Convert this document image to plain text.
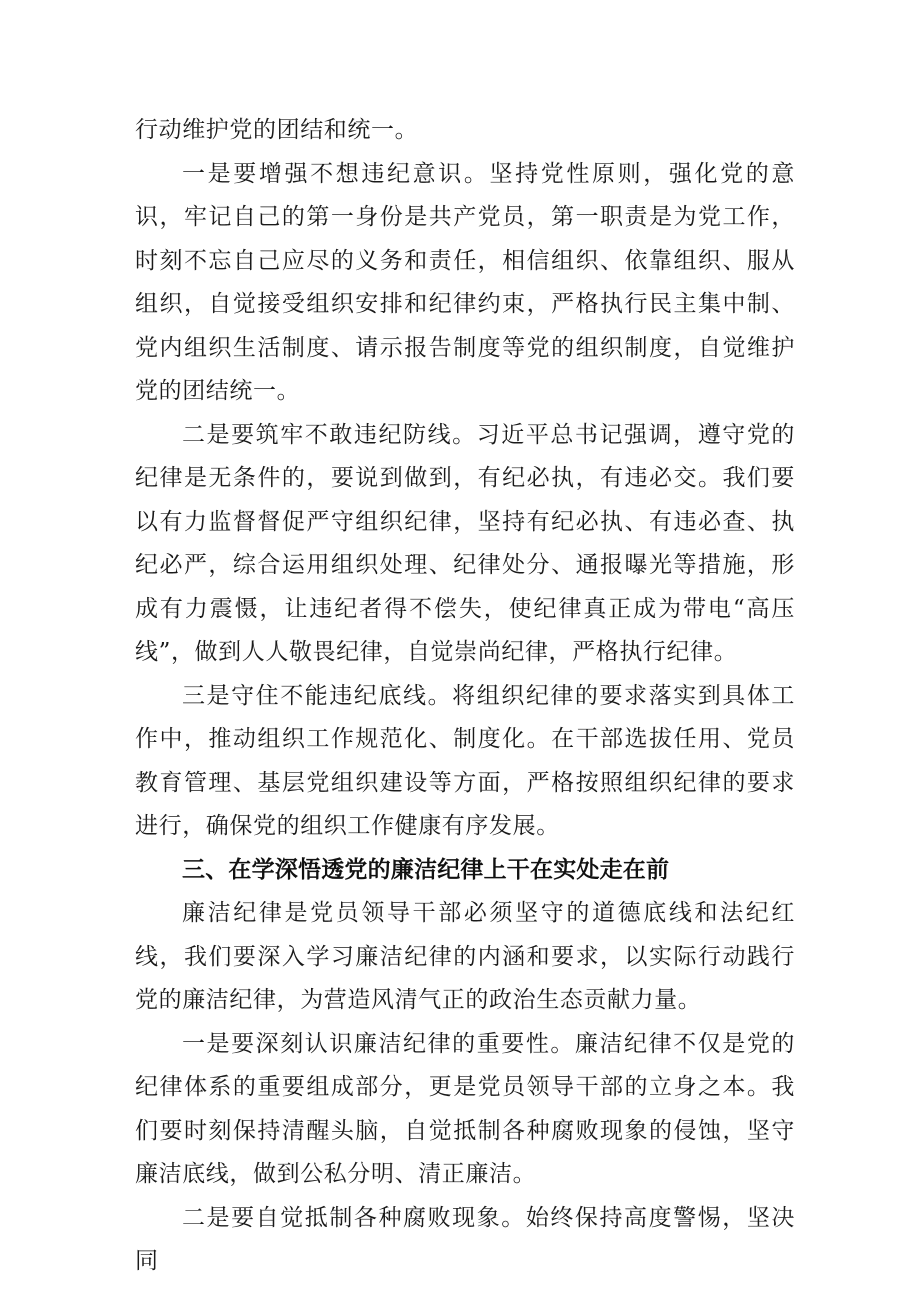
行动维护党的团结和统一。

一是要增强不想违纪意识。坚持党性原则，强化党的意识，牢记自己的第一身份是共产党员，第一职责是为党工作，时刻不忘自己应尽的义务和责任，相信组织、依靠组织、服从组织，自觉接受组织安排和纪律约束，严格执行民主集中制、党内组织生活制度、请示报告制度等党的组织制度，自觉维护党的团结统一。

二是要筑牢不敢违纪防线。习近平总书记强调，遵守党的纪律是无条件的，要说到做到，有纪必执，有违必交。我们要以有力监督督促严守组织纪律，坚持有纪必执、有违必查、执纪必严，综合运用组织处理、纪律处分、通报曝光等措施，形成有力震慑，让违纪者得不偿失，使纪律真正成为带电“高压线”，做到人人敬畏纪律，自觉崇尚纪律，严格执行纪律。

三是守住不能违纪底线。将组织纪律的要求落实到具体工作中，推动组织工作规范化、制度化。在干部选拔任用、党员教育管理、基层党组织建设等方面，严格按照组织纪律的要求进行，确保党的组织工作健康有序发展。

三、在学深悟透党的廉洁纪律上干在实处走在前

廉洁纪律是党员领导干部必须坚守的道德底线和法纪红线，我们要深入学习廉洁纪律的内涵和要求，以实际行动践行党的廉洁纪律，为营造风清气正的政治生态贡献力量。

一是要深刻认识廉洁纪律的重要性。廉洁纪律不仅是党的纪律体系的重要组成部分，更是党员领导干部的立身之本。我们要时刻保持清醒头脑，自觉抵制各种腐败现象的侵蚀，坚守廉洁底线，做到公私分明、清正廉洁。

二是要自觉抵制各种腐败现象。始终保持高度警惕，坚决同
